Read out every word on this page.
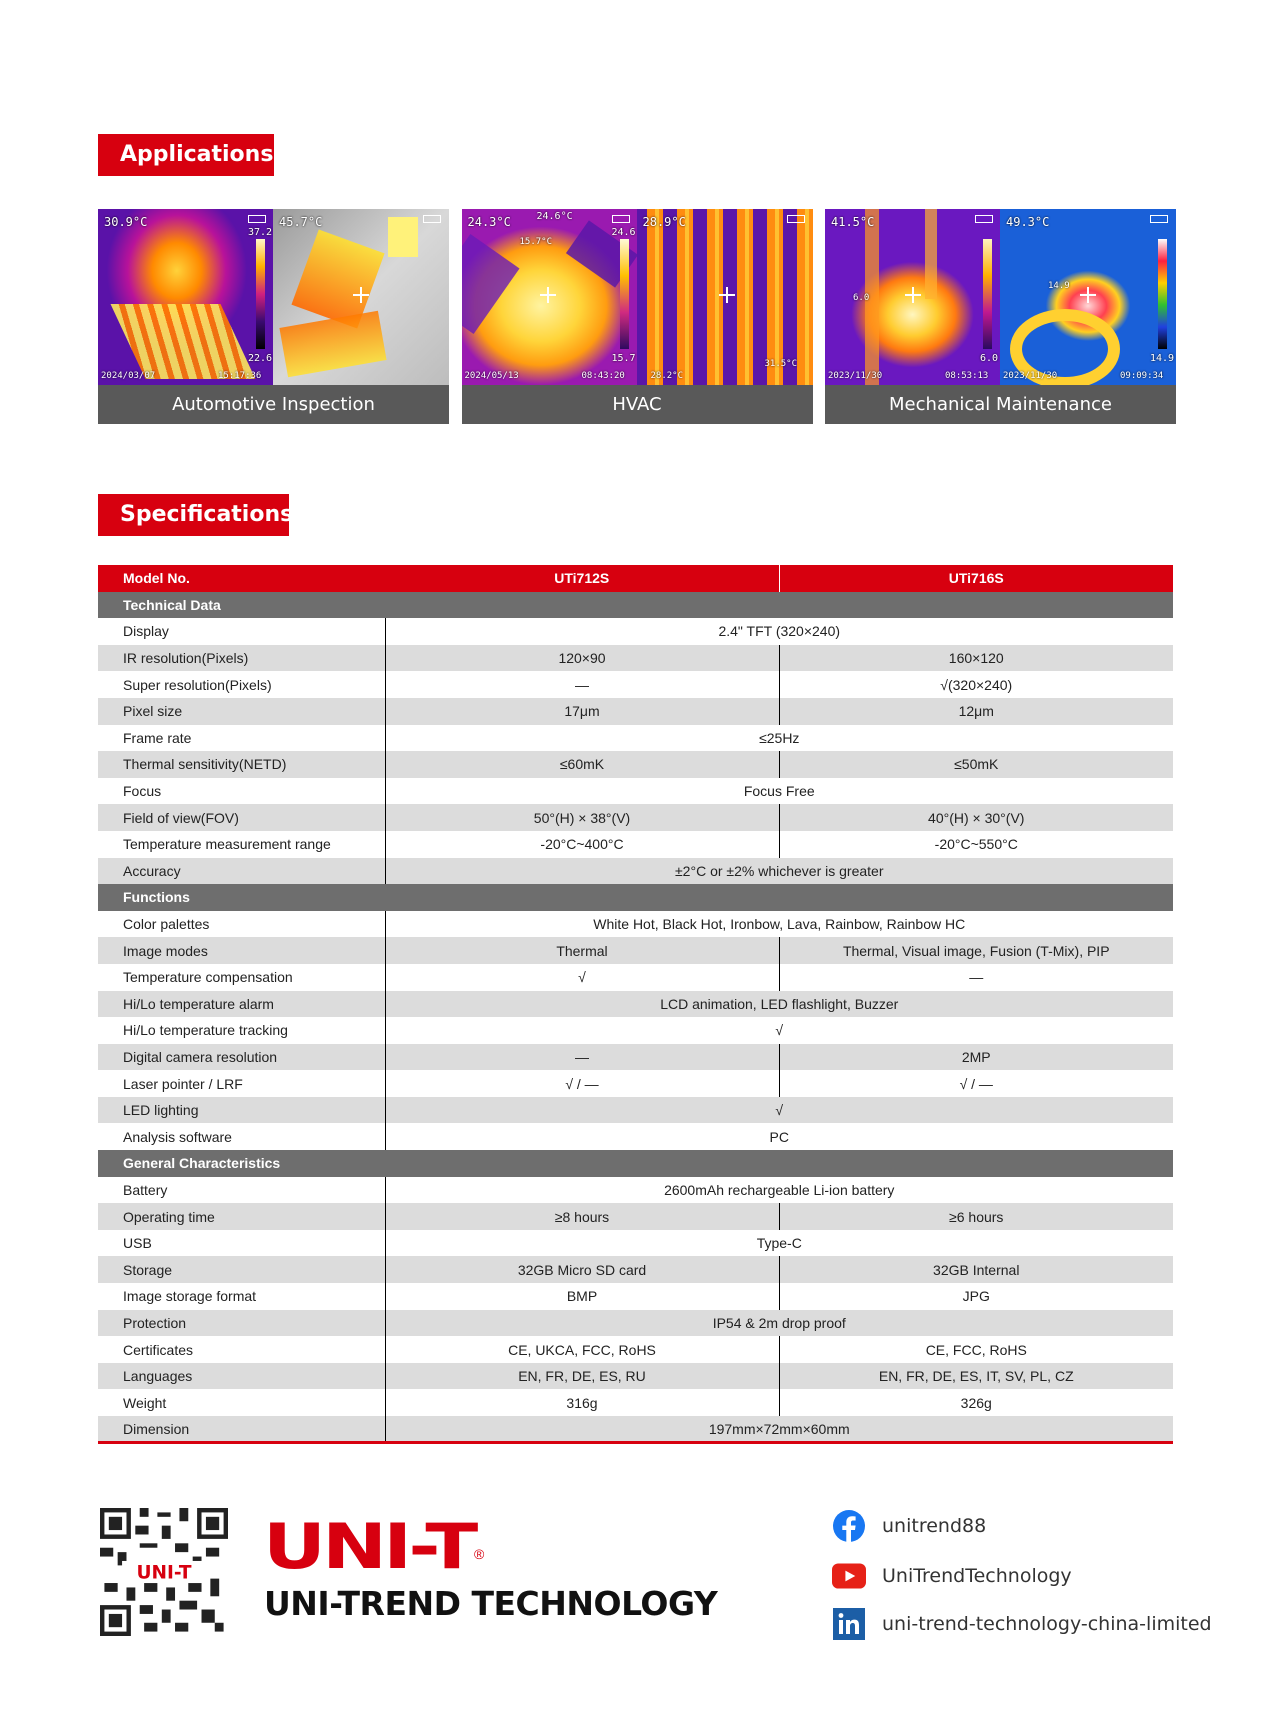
Applications
30.9°C
37.2
22.6
2024/03/07	15:17:36
45.7°C
Automotive Inspection
24.3°C	24.6°C
15.7°C
24.6
15.7
2024/05/13	08:43:20
28.9°C
28.2°C
31.5°C
HVAC
41.5°C
6.0
6.0
2023/11/30	08:53:13
49.3°C
14.9
14.9
2023/11/30	09:09:34
Mechanical Maintenance
Specifications
Model No.	UTi712S	UTi716S
Technical Data		
Display	2.4" TFT (320×240)	
IR resolution(Pixels)	120×90	160×120
Super resolution(Pixels)	—	√(320×240)
Pixel size	17μm	12μm
Frame rate	≤25Hz	
Thermal sensitivity(NETD)	≤60mK	≤50mK
Focus	Focus Free	
Field of view(FOV)	50°(H) × 38°(V)	40°(H) × 30°(V)
Temperature measurement range	-20°C~400°C	-20°C~550°C
Accuracy	±2°C or ±2% whichever is greater	
Functions		
Color palettes	White Hot, Black Hot, Ironbow, Lava, Rainbow, Rainbow HC	
Image modes	Thermal	Thermal, Visual image, Fusion (T-Mix), PIP
Temperature compensation	√	—
Hi/Lo temperature alarm	LCD animation, LED flashlight, Buzzer	
Hi/Lo temperature tracking	√	
Digital camera resolution	—	2MP
Laser pointer / LRF	√ / —	√ / —
LED lighting	√	
Analysis software	PC	
General Characteristics		
Battery	2600mAh rechargeable Li-ion battery	
Operating time	≥8 hours	≥6 hours
USB	Type-C	
Storage	32GB Micro SD card	32GB Internal
Image storage format	BMP	JPG
Protection	IP54 & 2m drop proof	
Certificates	CE, UKCA, FCC, RoHS	CE, FCC, RoHS
Languages	EN, FR, DE, ES, RU	EN, FR, DE, ES, IT, SV, PL, CZ
Weight	316g	326g
Dimension	197mm×72mm×60mm	
UNI-T UNI-T ®
UNI-TREND TECHNOLOGY
unitrend88
UniTrendTechnology
uni-trend-technology-china-limited
